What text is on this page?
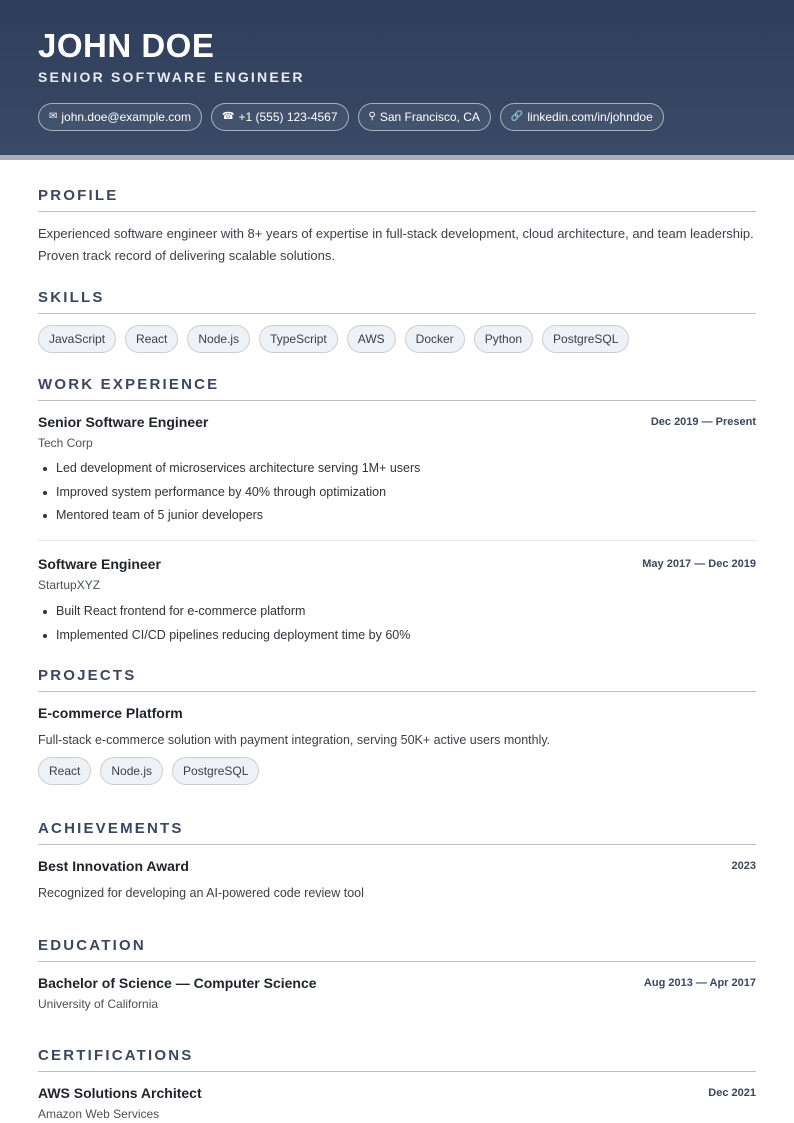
JOHN DOE
SENIOR SOFTWARE ENGINEER
✉ john.doe@example.com	☎ +1 (555) 123-4567	⚲ San Francisco, CA	🔗 linkedin.com/in/johndoe
PROFILE
Experienced software engineer with 8+ years of expertise in full-stack development, cloud architecture, and team leadership. Proven track record of delivering scalable solutions.
SKILLS
JavaScript	React	Node.js	TypeScript	AWS	Docker	Python	PostgreSQL
WORK EXPERIENCE
Senior Software Engineer	Dec 2019 — Present
Tech Corp
Led development of microservices architecture serving 1M+ users
Improved system performance by 40% through optimization
Mentored team of 5 junior developers
Software Engineer	May 2017 — Dec 2019
StartupXYZ
Built React frontend for e-commerce platform
Implemented CI/CD pipelines reducing deployment time by 60%
PROJECTS
E-commerce Platform
Full-stack e-commerce solution with payment integration, serving 50K+ active users monthly.
React	Node.js	PostgreSQL
ACHIEVEMENTS
Best Innovation Award	2023
Recognized for developing an AI-powered code review tool
EDUCATION
Bachelor of Science — Computer Science	Aug 2013 — Apr 2017
University of California
CERTIFICATIONS
AWS Solutions Architect	Dec 2021
Amazon Web Services
